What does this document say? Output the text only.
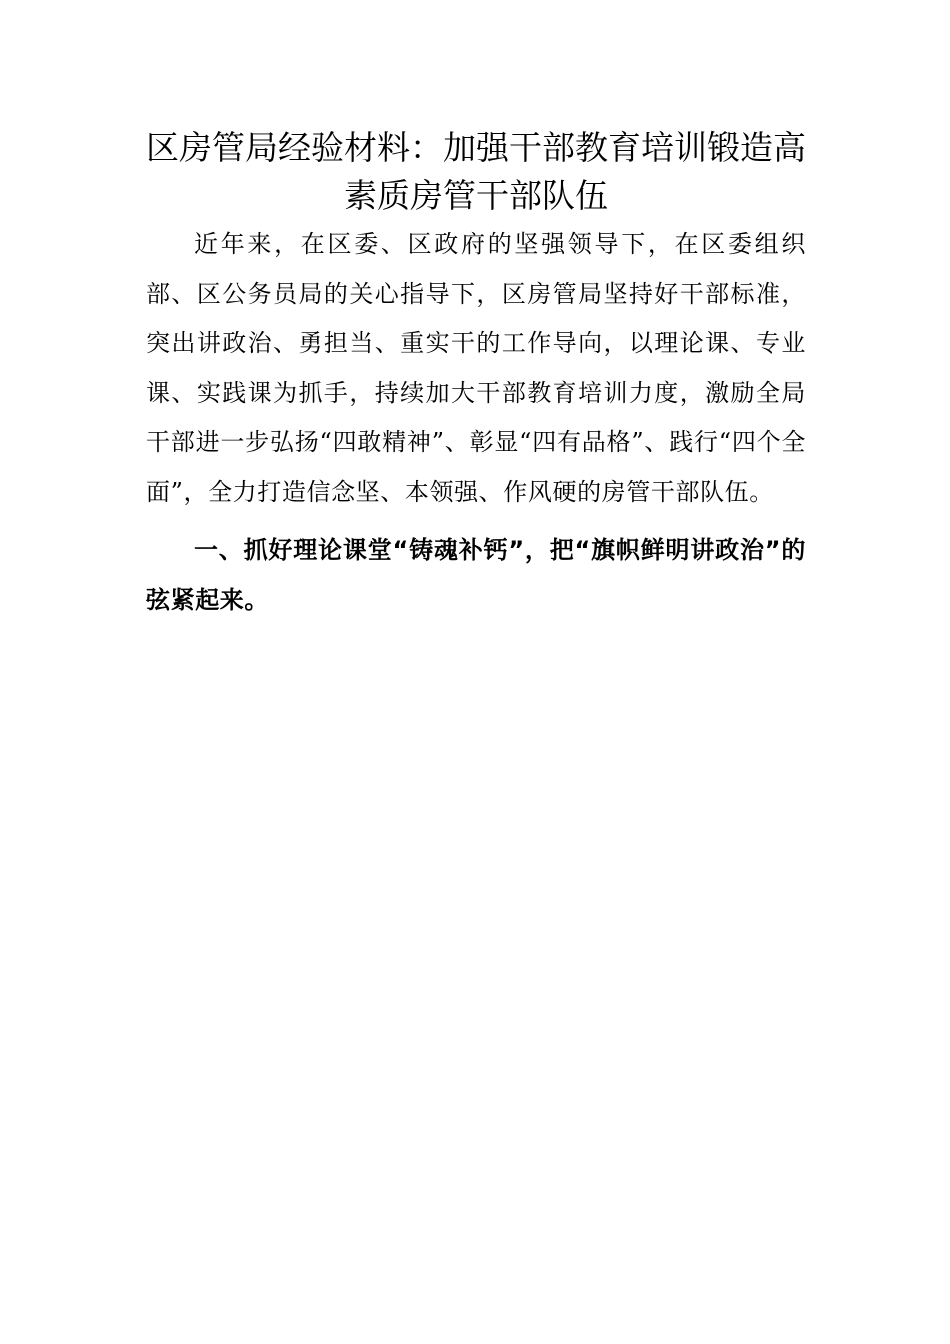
区房管局经验材料：加强干部教育培训锻造高素质房管干部队伍

近年来，在区委、区政府的坚强领导下，在区委组织部、区公务员局的关心指导下，区房管局坚持好干部标准，突出讲政治、勇担当、重实干的工作导向，以理论课、专业课、实践课为抓手，持续加大干部教育培训力度，激励全局干部进一步弘扬“四敢精神”、彰显“四有品格”、践行“四个全面”，全力打造信念坚、本领强、作风硬的房管干部队伍。

一、抓好理论课堂“铸魂补钙”，把“旗帜鲜明讲政治”的弦紧起来。
